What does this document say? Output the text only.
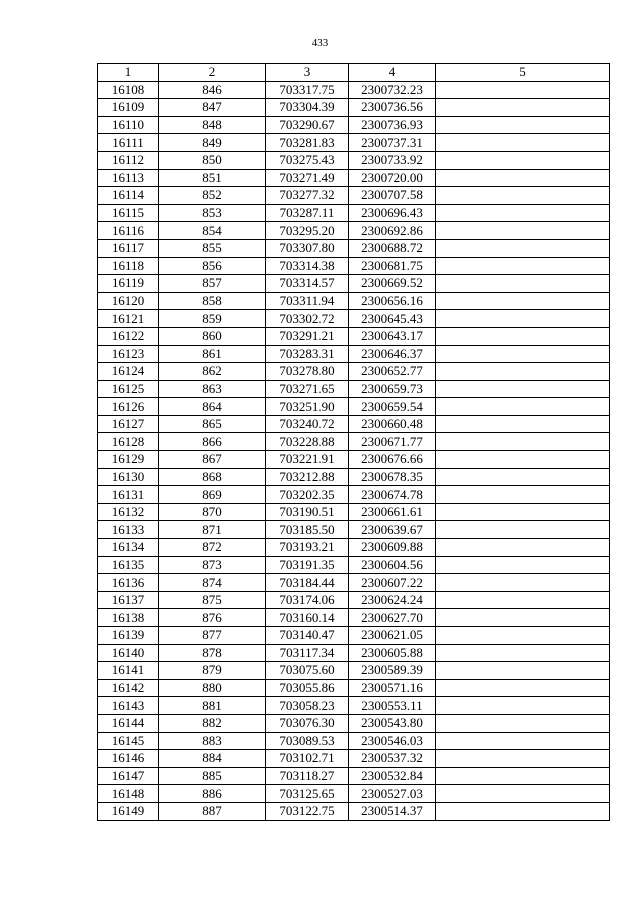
433
1	2	3	4	5
16108	846	703317.75	2300732.23	
16109	847	703304.39	2300736.56	
16110	848	703290.67	2300736.93	
16111	849	703281.83	2300737.31	
16112	850	703275.43	2300733.92	
16113	851	703271.49	2300720.00	
16114	852	703277.32	2300707.58	
16115	853	703287.11	2300696.43	
16116	854	703295.20	2300692.86	
16117	855	703307.80	2300688.72	
16118	856	703314.38	2300681.75	
16119	857	703314.57	2300669.52	
16120	858	703311.94	2300656.16	
16121	859	703302.72	2300645.43	
16122	860	703291.21	2300643.17	
16123	861	703283.31	2300646.37	
16124	862	703278.80	2300652.77	
16125	863	703271.65	2300659.73	
16126	864	703251.90	2300659.54	
16127	865	703240.72	2300660.48	
16128	866	703228.88	2300671.77	
16129	867	703221.91	2300676.66	
16130	868	703212.88	2300678.35	
16131	869	703202.35	2300674.78	
16132	870	703190.51	2300661.61	
16133	871	703185.50	2300639.67	
16134	872	703193.21	2300609.88	
16135	873	703191.35	2300604.56	
16136	874	703184.44	2300607.22	
16137	875	703174.06	2300624.24	
16138	876	703160.14	2300627.70	
16139	877	703140.47	2300621.05	
16140	878	703117.34	2300605.88	
16141	879	703075.60	2300589.39	
16142	880	703055.86	2300571.16	
16143	881	703058.23	2300553.11	
16144	882	703076.30	2300543.80	
16145	883	703089.53	2300546.03	
16146	884	703102.71	2300537.32	
16147	885	703118.27	2300532.84	
16148	886	703125.65	2300527.03	
16149	887	703122.75	2300514.37	
